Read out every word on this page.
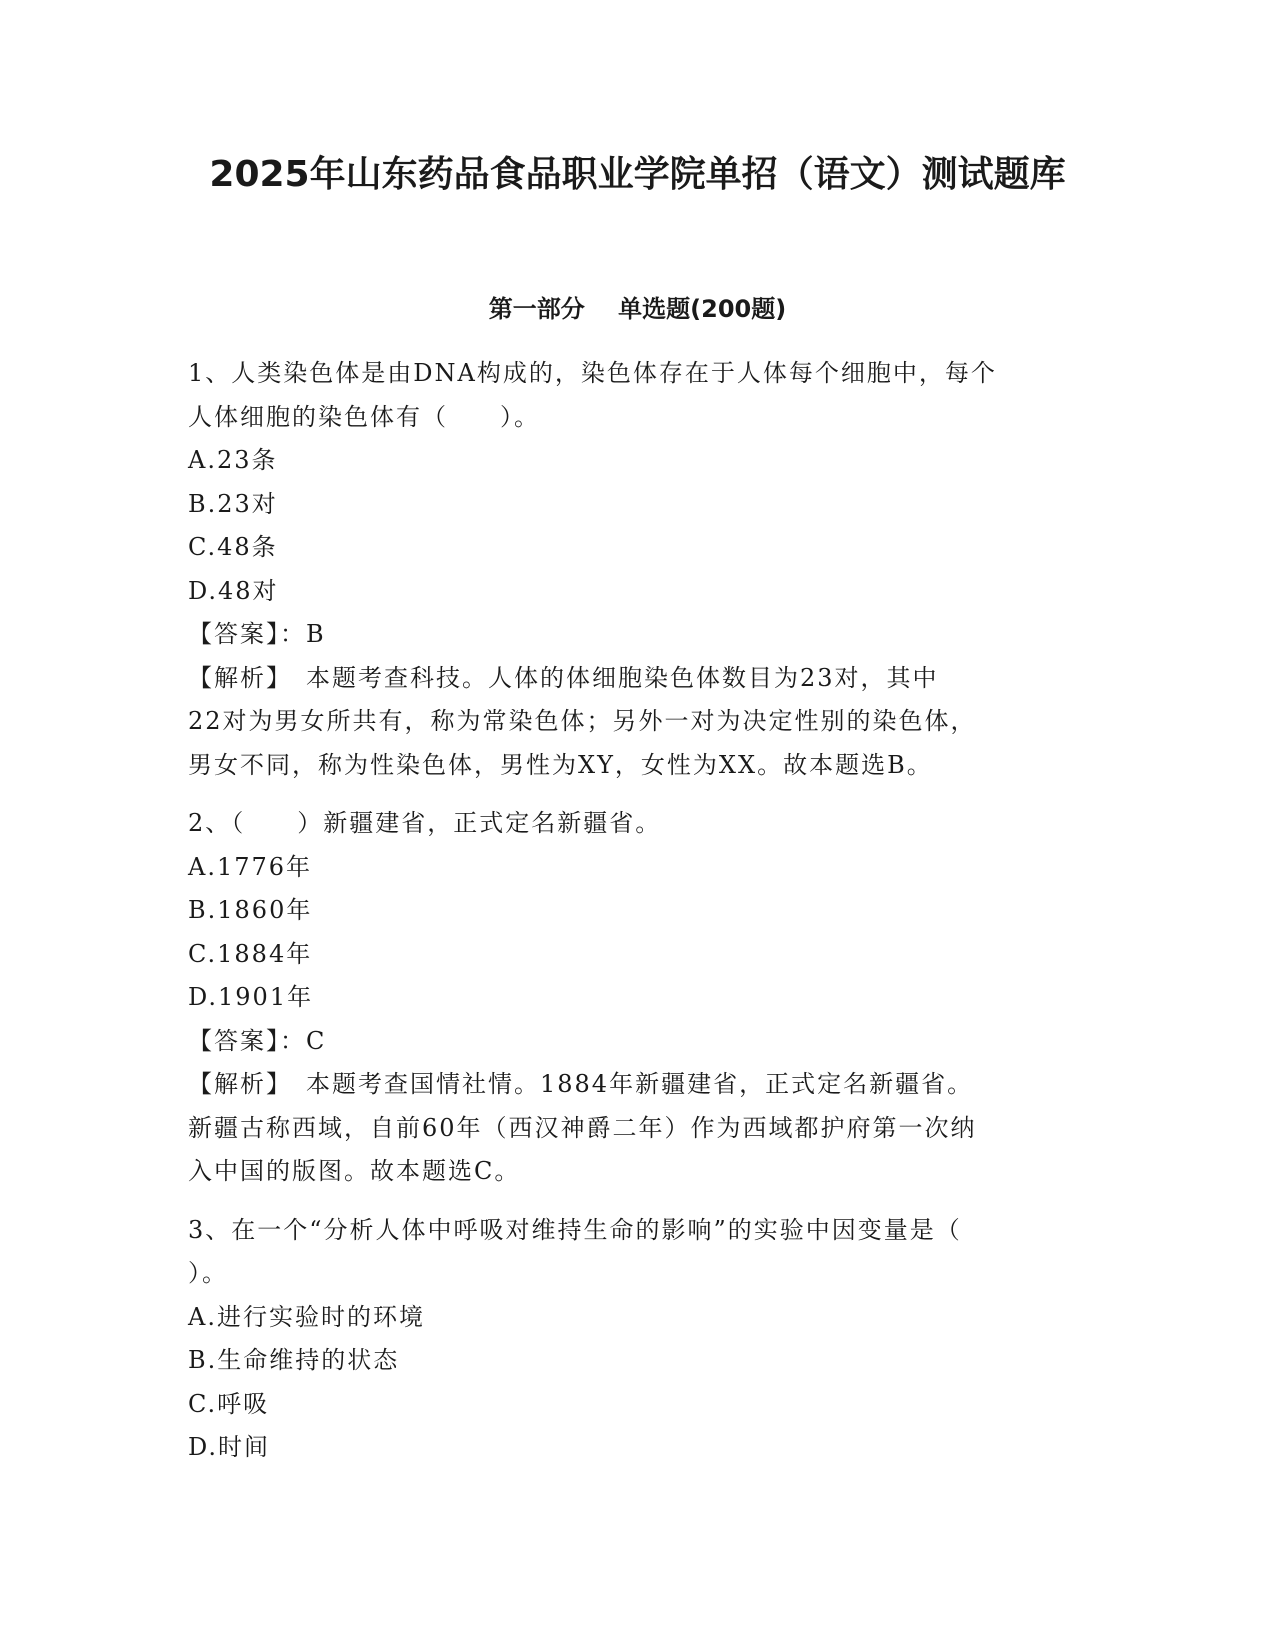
2025年山东药品食品职业学院单招（语文）测试题库
第一部分    单选题(200题)

1、人类染色体是由DNA构成的，染色体存在于人体每个细胞中，每个

人体细胞的染色体有（　　）。

A.23条

B.23对

C.48条

D.48对

【答案】：B

【解析】　本题考查科技。人体的体细胞染色体数目为23对，其中

22对为男女所共有，称为常染色体；另外一对为决定性别的染色体，

男女不同，称为性染色体，男性为XY，女性为XX。故本题选B。

2、（　　）新疆建省，正式定名新疆省。

A.1776年

B.1860年

C.1884年

D.1901年

【答案】：C

【解析】　本题考查国情社情。1884年新疆建省，正式定名新疆省。

新疆古称西域，自前60年（西汉神爵二年）作为西域都护府第一次纳

入中国的版图。故本题选C。

3、在一个“分析人体中呼吸对维持生命的影响”的实验中因变量是（

）。

A.进行实验时的环境

B.生命维持的状态

C.呼吸

D.时间
